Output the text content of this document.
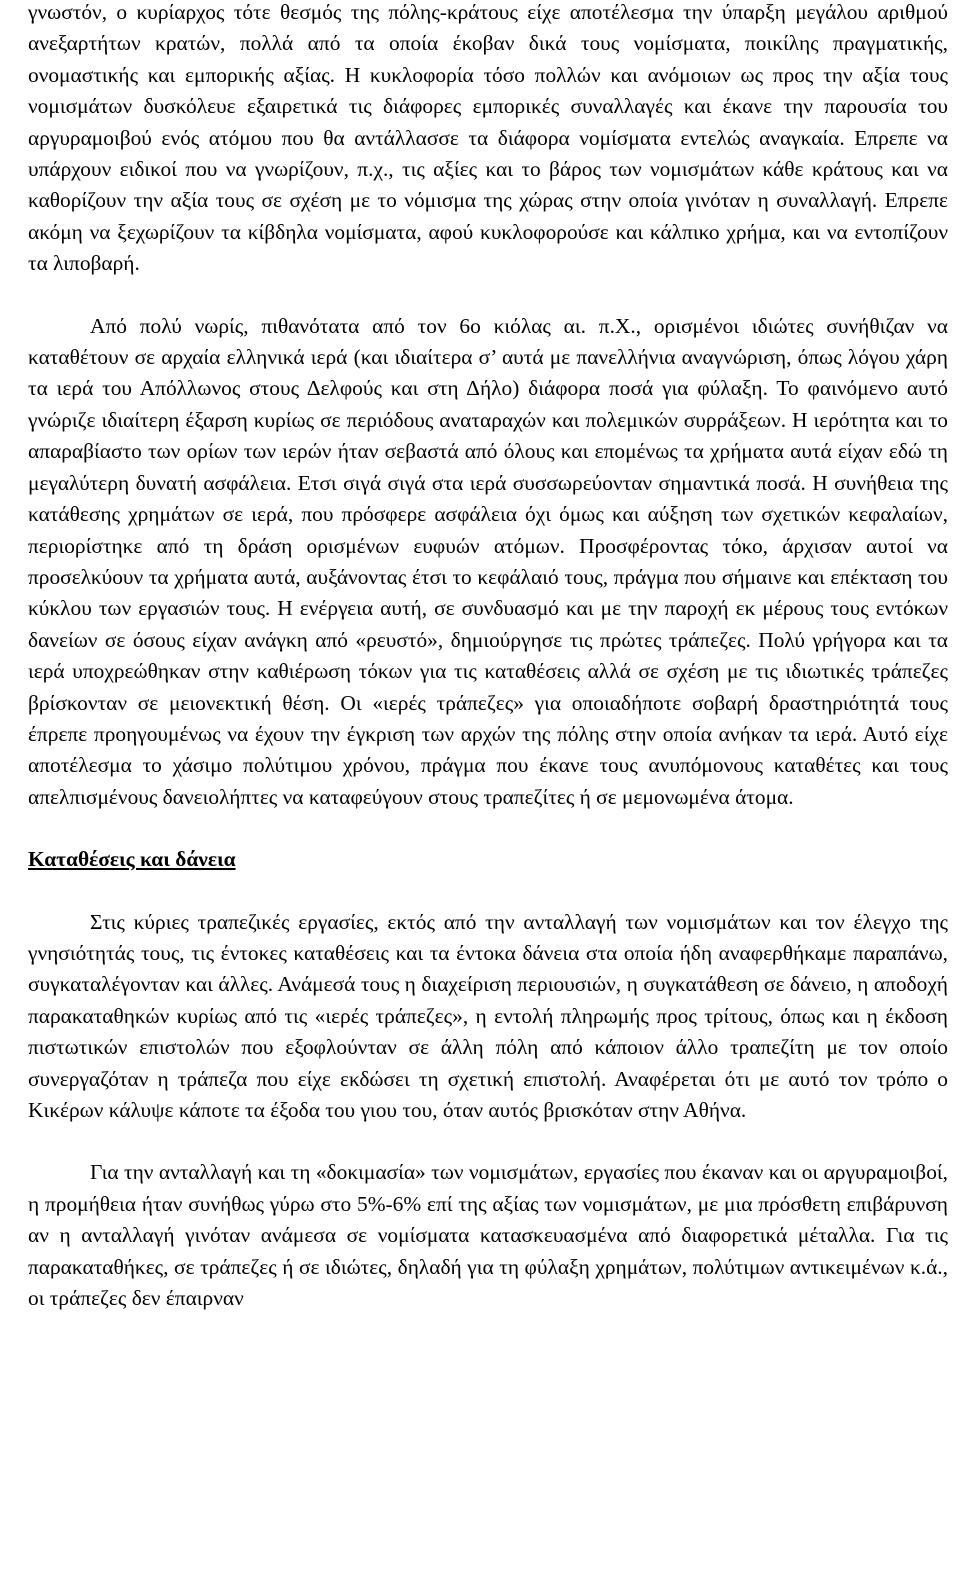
γνωστόν, ο κυρίαρχος τότε θεσμός της πόλης-κράτους είχε αποτέλεσμα την ύπαρξη μεγάλου αριθμού ανεξαρτήτων κρατών, πολλά από τα οποία έκοβαν δικά τους νομίσματα, ποικίλης πραγματικής, ονομαστικής και εμπορικής αξίας. Η κυκλοφορία τόσο πολλών και ανόμοιων ως προς την αξία τους νομισμάτων δυσκόλευε εξαιρετικά τις διάφορες εμπορικές συναλλαγές και έκανε την παρουσία του αργυραμοιβού ενός ατόμου που θα αντάλλασσε τα διάφορα νομίσματα εντελώς αναγκαία. Επρεπε να υπάρχουν ειδικοί που να γνωρίζουν, π.χ., τις αξίες και το βάρος των νομισμάτων κάθε κράτους και να καθορίζουν την αξία τους σε σχέση με το νόμισμα της χώρας στην οποία γινόταν η συναλλαγή. Επρεπε ακόμη να ξεχωρίζουν τα κίβδηλα νομίσματα, αφού κυκλοφορούσε και κάλπικο χρήμα, και να εντοπίζουν τα λιποβαρή.

Από πολύ νωρίς, πιθανότατα από τον 6ο κιόλας αι. π.Χ., ορισμένοι ιδιώτες συνήθιζαν να καταθέτουν σε αρχαία ελληνικά ιερά (και ιδιαίτερα σ’ αυτά με πανελλήνια αναγνώριση, όπως λόγου χάρη τα ιερά του Απόλλωνος στους Δελφούς και στη Δήλο) διάφορα ποσά για φύλαξη. Το φαινόμενο αυτό γνώριζε ιδιαίτερη έξαρση κυρίως σε περιόδους αναταραχών και πολεμικών συρράξεων. Η ιερότητα και το απαραβίαστο των ορίων των ιερών ήταν σεβαστά από όλους και επομένως τα χρήματα αυτά είχαν εδώ τη μεγαλύτερη δυνατή ασφάλεια. Ετσι σιγά σιγά στα ιερά συσσωρεύονταν σημαντικά ποσά. Η συνήθεια της κατάθεσης χρημάτων σε ιερά, που πρόσφερε ασφάλεια όχι όμως και αύξηση των σχετικών κεφαλαίων, περιορίστηκε από τη δράση ορισμένων ευφυών ατόμων. Προσφέροντας τόκο, άρχισαν αυτοί να προσελκύουν τα χρήματα αυτά, αυξάνοντας έτσι το κεφάλαιό τους, πράγμα που σήμαινε και επέκταση του κύκλου των εργασιών τους. Η ενέργεια αυτή, σε συνδυασμό και με την παροχή εκ μέρους τους εντόκων δανείων σε όσους είχαν ανάγκη από «ρευστό», δημιούργησε τις πρώτες τράπεζες. Πολύ γρήγορα και τα ιερά υποχρεώθηκαν στην καθιέρωση τόκων για τις καταθέσεις αλλά σε σχέση με τις ιδιωτικές τράπεζες βρίσκονταν σε μειονεκτική θέση. Οι «ιερές τράπεζες» για οποιαδήποτε σοβαρή δραστηριότητά τους έπρεπε προηγουμένως να έχουν την έγκριση των αρχών της πόλης στην οποία ανήκαν τα ιερά. Αυτό είχε αποτέλεσμα το χάσιμο πολύτιμου χρόνου, πράγμα που έκανε τους ανυπόμονους καταθέτες και τους απελπισμένους δανειολήπτες να καταφεύγουν στους τραπεζίτες ή σε μεμονωμένα άτομα.

Καταθέσεις και δάνεια

Στις κύριες τραπεζικές εργασίες, εκτός από την ανταλλαγή των νομισμάτων και τον έλεγχο της γνησιότητάς τους, τις έντοκες καταθέσεις και τα έντοκα δάνεια στα οποία ήδη αναφερθήκαμε παραπάνω, συγκαταλέγονταν και άλλες. Ανάμεσά τους η διαχείριση περιουσιών, η συγκατάθεση σε δάνειο, η αποδοχή παρακαταθηκών κυρίως από τις «ιερές τράπεζες», η εντολή πληρωμής προς τρίτους, όπως και η έκδοση πιστωτικών επιστολών που εξοφλούνταν σε άλλη πόλη από κάποιον άλλο τραπεζίτη με τον οποίο συνεργαζόταν η τράπεζα που είχε εκδώσει τη σχετική επιστολή. Αναφέρεται ότι με αυτό τον τρόπο ο Κικέρων κάλυψε κάποτε τα έξοδα του γιου του, όταν αυτός βρισκόταν στην Αθήνα.

Για την ανταλλαγή και τη «δοκιμασία» των νομισμάτων, εργασίες που έκαναν και οι αργυραμοιβοί, η προμήθεια ήταν συνήθως γύρω στο 5%-6% επί της αξίας των νομισμάτων, με μια πρόσθετη επιβάρυνση αν η ανταλλαγή γινόταν ανάμεσα σε νομίσματα κατασκευασμένα από διαφορετικά μέταλλα. Για τις παρακαταθήκες, σε τράπεζες ή σε ιδιώτες, δηλαδή για τη φύλαξη χρημάτων, πολύτιμων αντικειμένων κ.ά., οι τράπεζες δεν έπαιρναν
